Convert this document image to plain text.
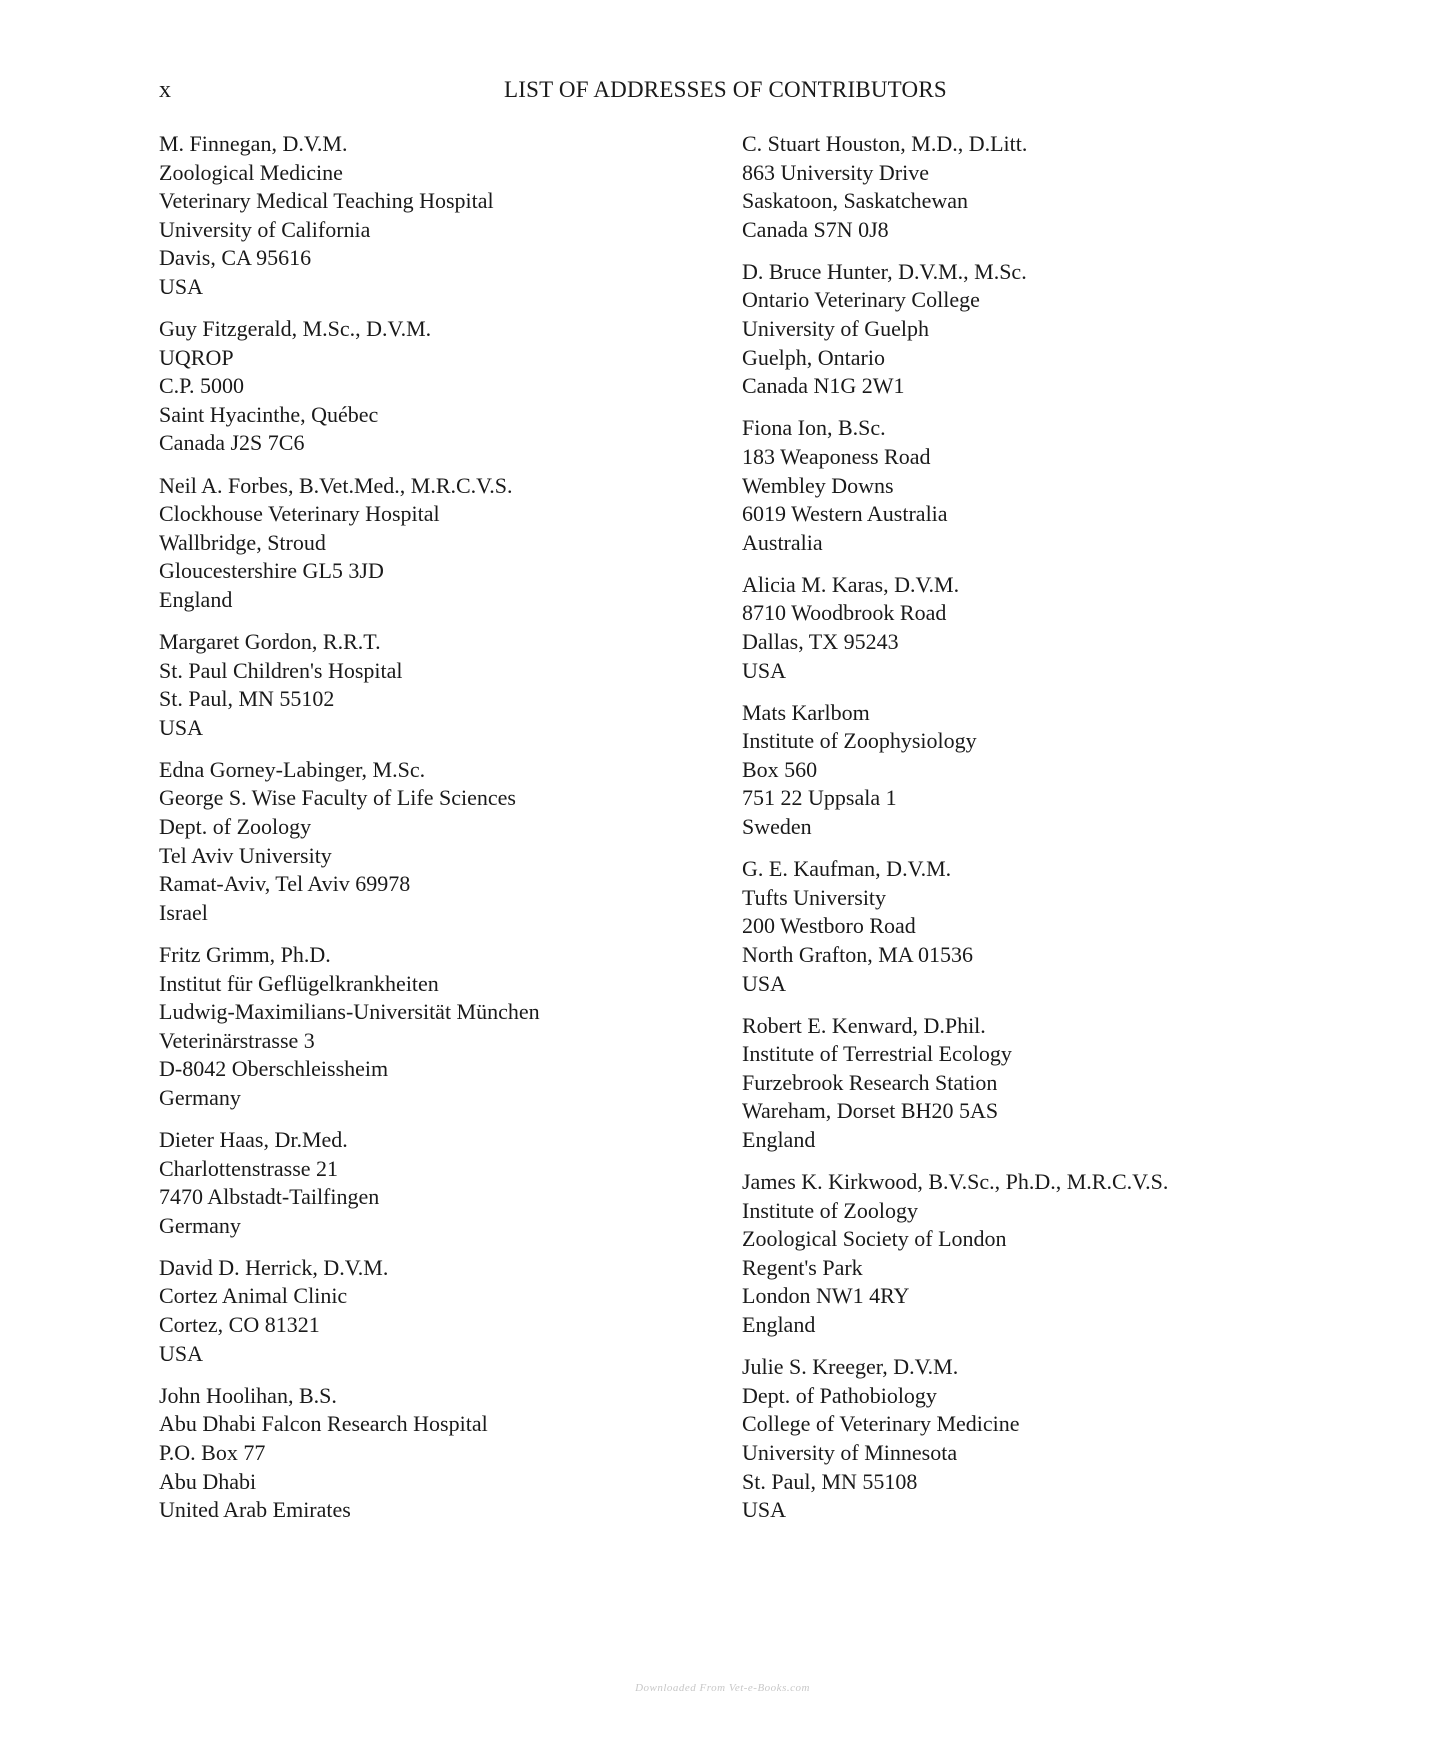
x	LIST OF ADDRESSES OF CONTRIBUTORS
M. Finnegan, D.V.M.
Zoological Medicine
Veterinary Medical Teaching Hospital
University of California
Davis, CA 95616
USA
Guy Fitzgerald, M.Sc., D.V.M.
UQROP
C.P. 5000
Saint Hyacinthe, Québec
Canada J2S 7C6
Neil A. Forbes, B.Vet.Med., M.R.C.V.S.
Clockhouse Veterinary Hospital
Wallbridge, Stroud
Gloucestershire GL5 3JD
England
Margaret Gordon, R.R.T.
St. Paul Children's Hospital
St. Paul, MN 55102
USA
Edna Gorney-Labinger, M.Sc.
George S. Wise Faculty of Life Sciences
Dept. of Zoology
Tel Aviv University
Ramat-Aviv, Tel Aviv 69978
Israel
Fritz Grimm, Ph.D.
Institut für Geflügelkrankheiten
Ludwig-Maximilians-Universität München
Veterinärstrasse 3
D-8042 Oberschleissheim
Germany
Dieter Haas, Dr.Med.
Charlottenstrasse 21
7470 Albstadt-Tailfingen
Germany
David D. Herrick, D.V.M.
Cortez Animal Clinic
Cortez, CO 81321
USA
John Hoolihan, B.S.
Abu Dhabi Falcon Research Hospital
P.O. Box 77
Abu Dhabi
United Arab Emirates
C. Stuart Houston, M.D., D.Litt.
863 University Drive
Saskatoon, Saskatchewan
Canada S7N 0J8
D. Bruce Hunter, D.V.M., M.Sc.
Ontario Veterinary College
University of Guelph
Guelph, Ontario
Canada N1G 2W1
Fiona Ion, B.Sc.
183 Weaponess Road
Wembley Downs
6019 Western Australia
Australia
Alicia M. Karas, D.V.M.
8710 Woodbrook Road
Dallas, TX 95243
USA
Mats Karlbom
Institute of Zoophysiology
Box 560
751 22 Uppsala 1
Sweden
G. E. Kaufman, D.V.M.
Tufts University
200 Westboro Road
North Grafton, MA 01536
USA
Robert E. Kenward, D.Phil.
Institute of Terrestrial Ecology
Furzebrook Research Station
Wareham, Dorset BH20 5AS
England
James K. Kirkwood, B.V.Sc., Ph.D., M.R.C.V.S.
Institute of Zoology
Zoological Society of London
Regent's Park
London NW1 4RY
England
Julie S. Kreeger, D.V.M.
Dept. of Pathobiology
College of Veterinary Medicine
University of Minnesota
St. Paul, MN 55108
USA
Downloaded From Vet-e-Books.com
